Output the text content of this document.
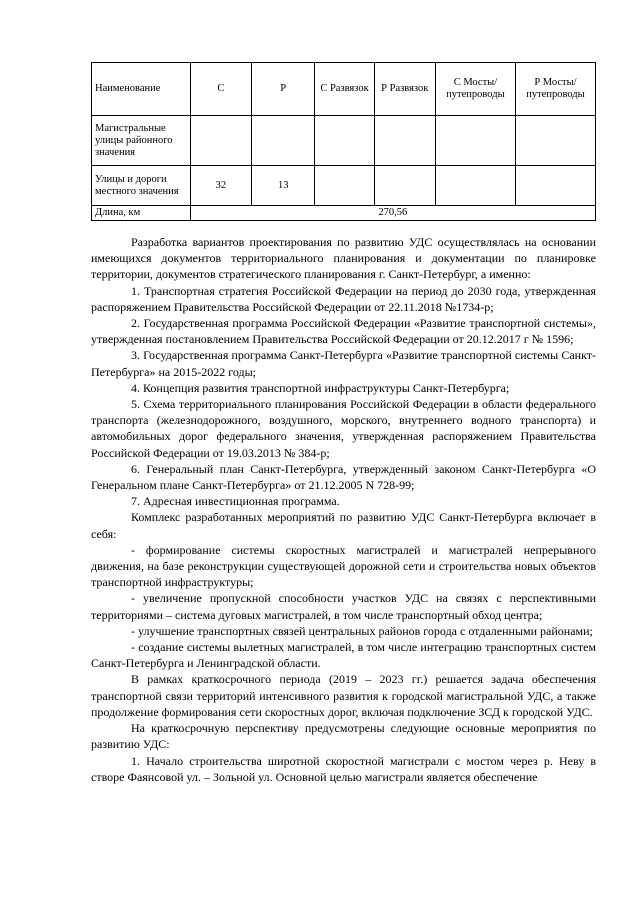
Наименование	С	Р	С Развязок	Р Развязок	С Мосты/ путепроводы	Р Мосты/ путепроводы
Магистральные улицы районного значения						
Улицы и дороги местного значения	32	13				
Длина, км	270,56					

Разработка вариантов проектирования по развитию УДС осуществлялась на основании имеющихся документов территориального планирования и документации по планировке территории, документов стратегического планирования г. Санкт-Петербург, а именно:

1. Транспортная стратегия Российской Федерации на период до 2030 года, утвержденная распоряжением Правительства Российской Федерации от 22.11.2018 №1734-р;

2. Государственная программа Российской Федерации «Развитие транспортной системы», утвержденная постановлением Правительства Российской Федерации от 20.12.2017 г № 1596;

3. Государственная программа Санкт-Петербурга «Развитие транспортной системы Санкт-Петербурга» на 2015-2022 годы;

4. Концепция развития транспортной инфраструктуры Санкт-Петербурга;

5. Схема территориального планирования Российской Федерации в области федерального транспорта (железнодорожного, воздушного, морского, внутреннего водного транспорта) и автомобильных дорог федерального значения, утвержденная распоряжением Правительства Российской Федерации от 19.03.2013 № 384-р;

6. Генеральный план Санкт-Петербурга, утвержденный законом Санкт-Петербурга «О Генеральном плане Санкт-Петербурга» от 21.12.2005 N 728-99;

7. Адресная инвестиционная программа.

Комплекс разработанных мероприятий по развитию УДС Санкт-Петербурга включает в себя:

- формирование системы скоростных магистралей и магистралей непрерывного движения, на базе реконструкции существующей дорожной сети и строительства новых объектов транспортной инфраструктуры;

- увеличение пропускной способности участков УДС на связях с перспективными территориями – система дуговых магистралей, в том числе транспортный обход центра;

- улучшение транспортных связей центральных районов города с отдаленными районами;

- создание системы вылетных магистралей, в том числе интеграцию транспортных систем Санкт-Петербурга и Ленинградской области.

В рамках краткосрочного периода (2019 – 2023 гг.) решается задача обеспечения транспортной связи территорий интенсивного развития к городской магистральной УДС, а также продолжение формирования сети скоростных дорог, включая подключение ЗСД к городской УДС.

На краткосрочную перспективу предусмотрены следующие основные мероприятия по развитию УДС:

1. Начало строительства широтной скоростной магистрали с мостом через р. Неву в створе Фаянсовой ул. – Зольной ул. Основной целью магистрали является обеспечение
